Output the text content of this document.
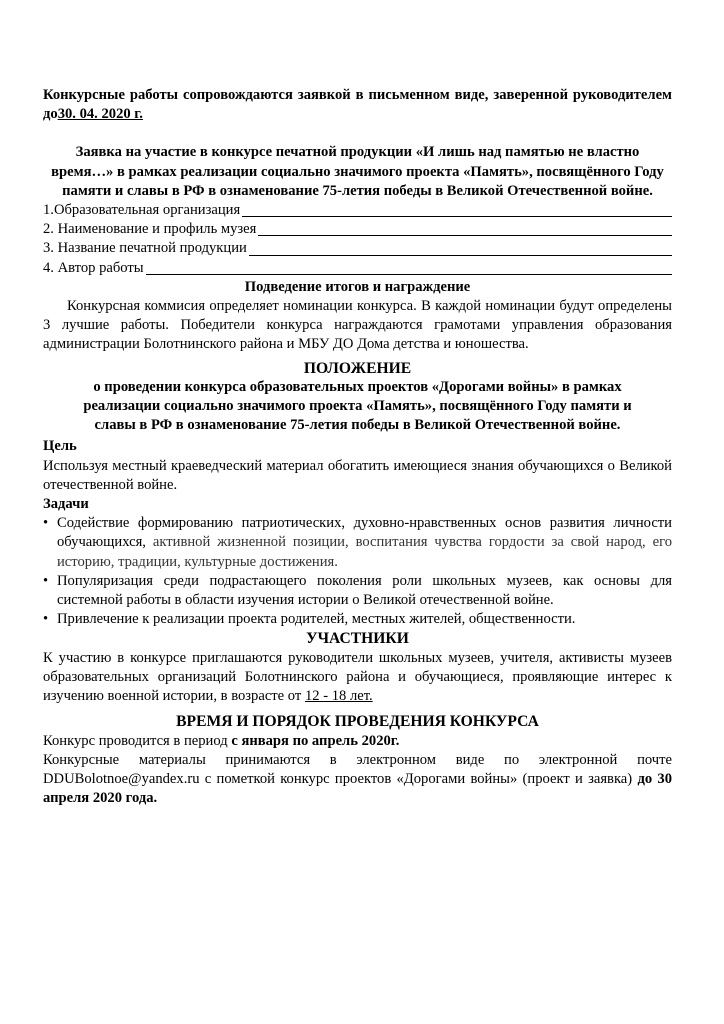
Конкурсные работы сопровождаются заявкой в письменном виде, заверенной руководителем до30. 04. 2020 г.

Заявка на участие в конкурсе печатной продукции «И лишь над памятью не властно время…» в рамках реализации социально значимого проекта «Память», посвящённого Году памяти и славы в РФ в ознаменование 75-летия победы в Великой Отечественной войне.

1.Образовательная организация
2. Наименование и профиль музея
3. Название печатной продукции
4. Автор работы

Подведение итогов и награждение

Конкурсная коммисия определяет номинации конкурса. В каждой номинации будут определены 3 лучшие работы. Победители конкурса награждаются грамотами управления образования администрации Болотнинского района и МБУ ДО Дома детства и юношества.

ПОЛОЖЕНИЕ

о проведении конкурса образовательных проектов «Дорогами войны» в рамках реализации социально значимого проекта «Память», посвящённого Году памяти и славы в РФ в ознаменование 75-летия победы в Великой Отечественной войне.

Цель

Используя местный краеведческий материал обогатить имеющиеся знания обучающихся о Великой отечественной войне.

Задачи

• Содействие формированию патриотических, духовно-нравственных основ развития личности обучающихся, активной жизненной позиции, воспитания чувства гордости за свой народ, его историю, традиции, культурные достижения.
• Популяризация среди подрастающего поколения роли школьных музеев, как основы для системной работы в области изучения истории о Великой отечественной войне.
• Привлечение к реализации проекта родителей, местных жителей, общественности.

УЧАСТНИКИ

К участию в конкурсе приглашаются руководители школьных музеев, учителя, активисты музеев образовательных организаций Болотнинского района и обучающиеся, проявляющие интерес к изучению военной истории, в возрасте от 12 - 18 лет.

ВРЕМЯ И ПОРЯДОК ПРОВЕДЕНИЯ КОНКУРСА

Конкурс проводится в период с января по апрель 2020г.

Конкурсные материалы принимаются в электронном виде по электронной почте DDUBolotnoe@yandex.ru с пометкой конкурс проектов «Дорогами войны» (проект и заявка) до 30 апреля 2020 года.
